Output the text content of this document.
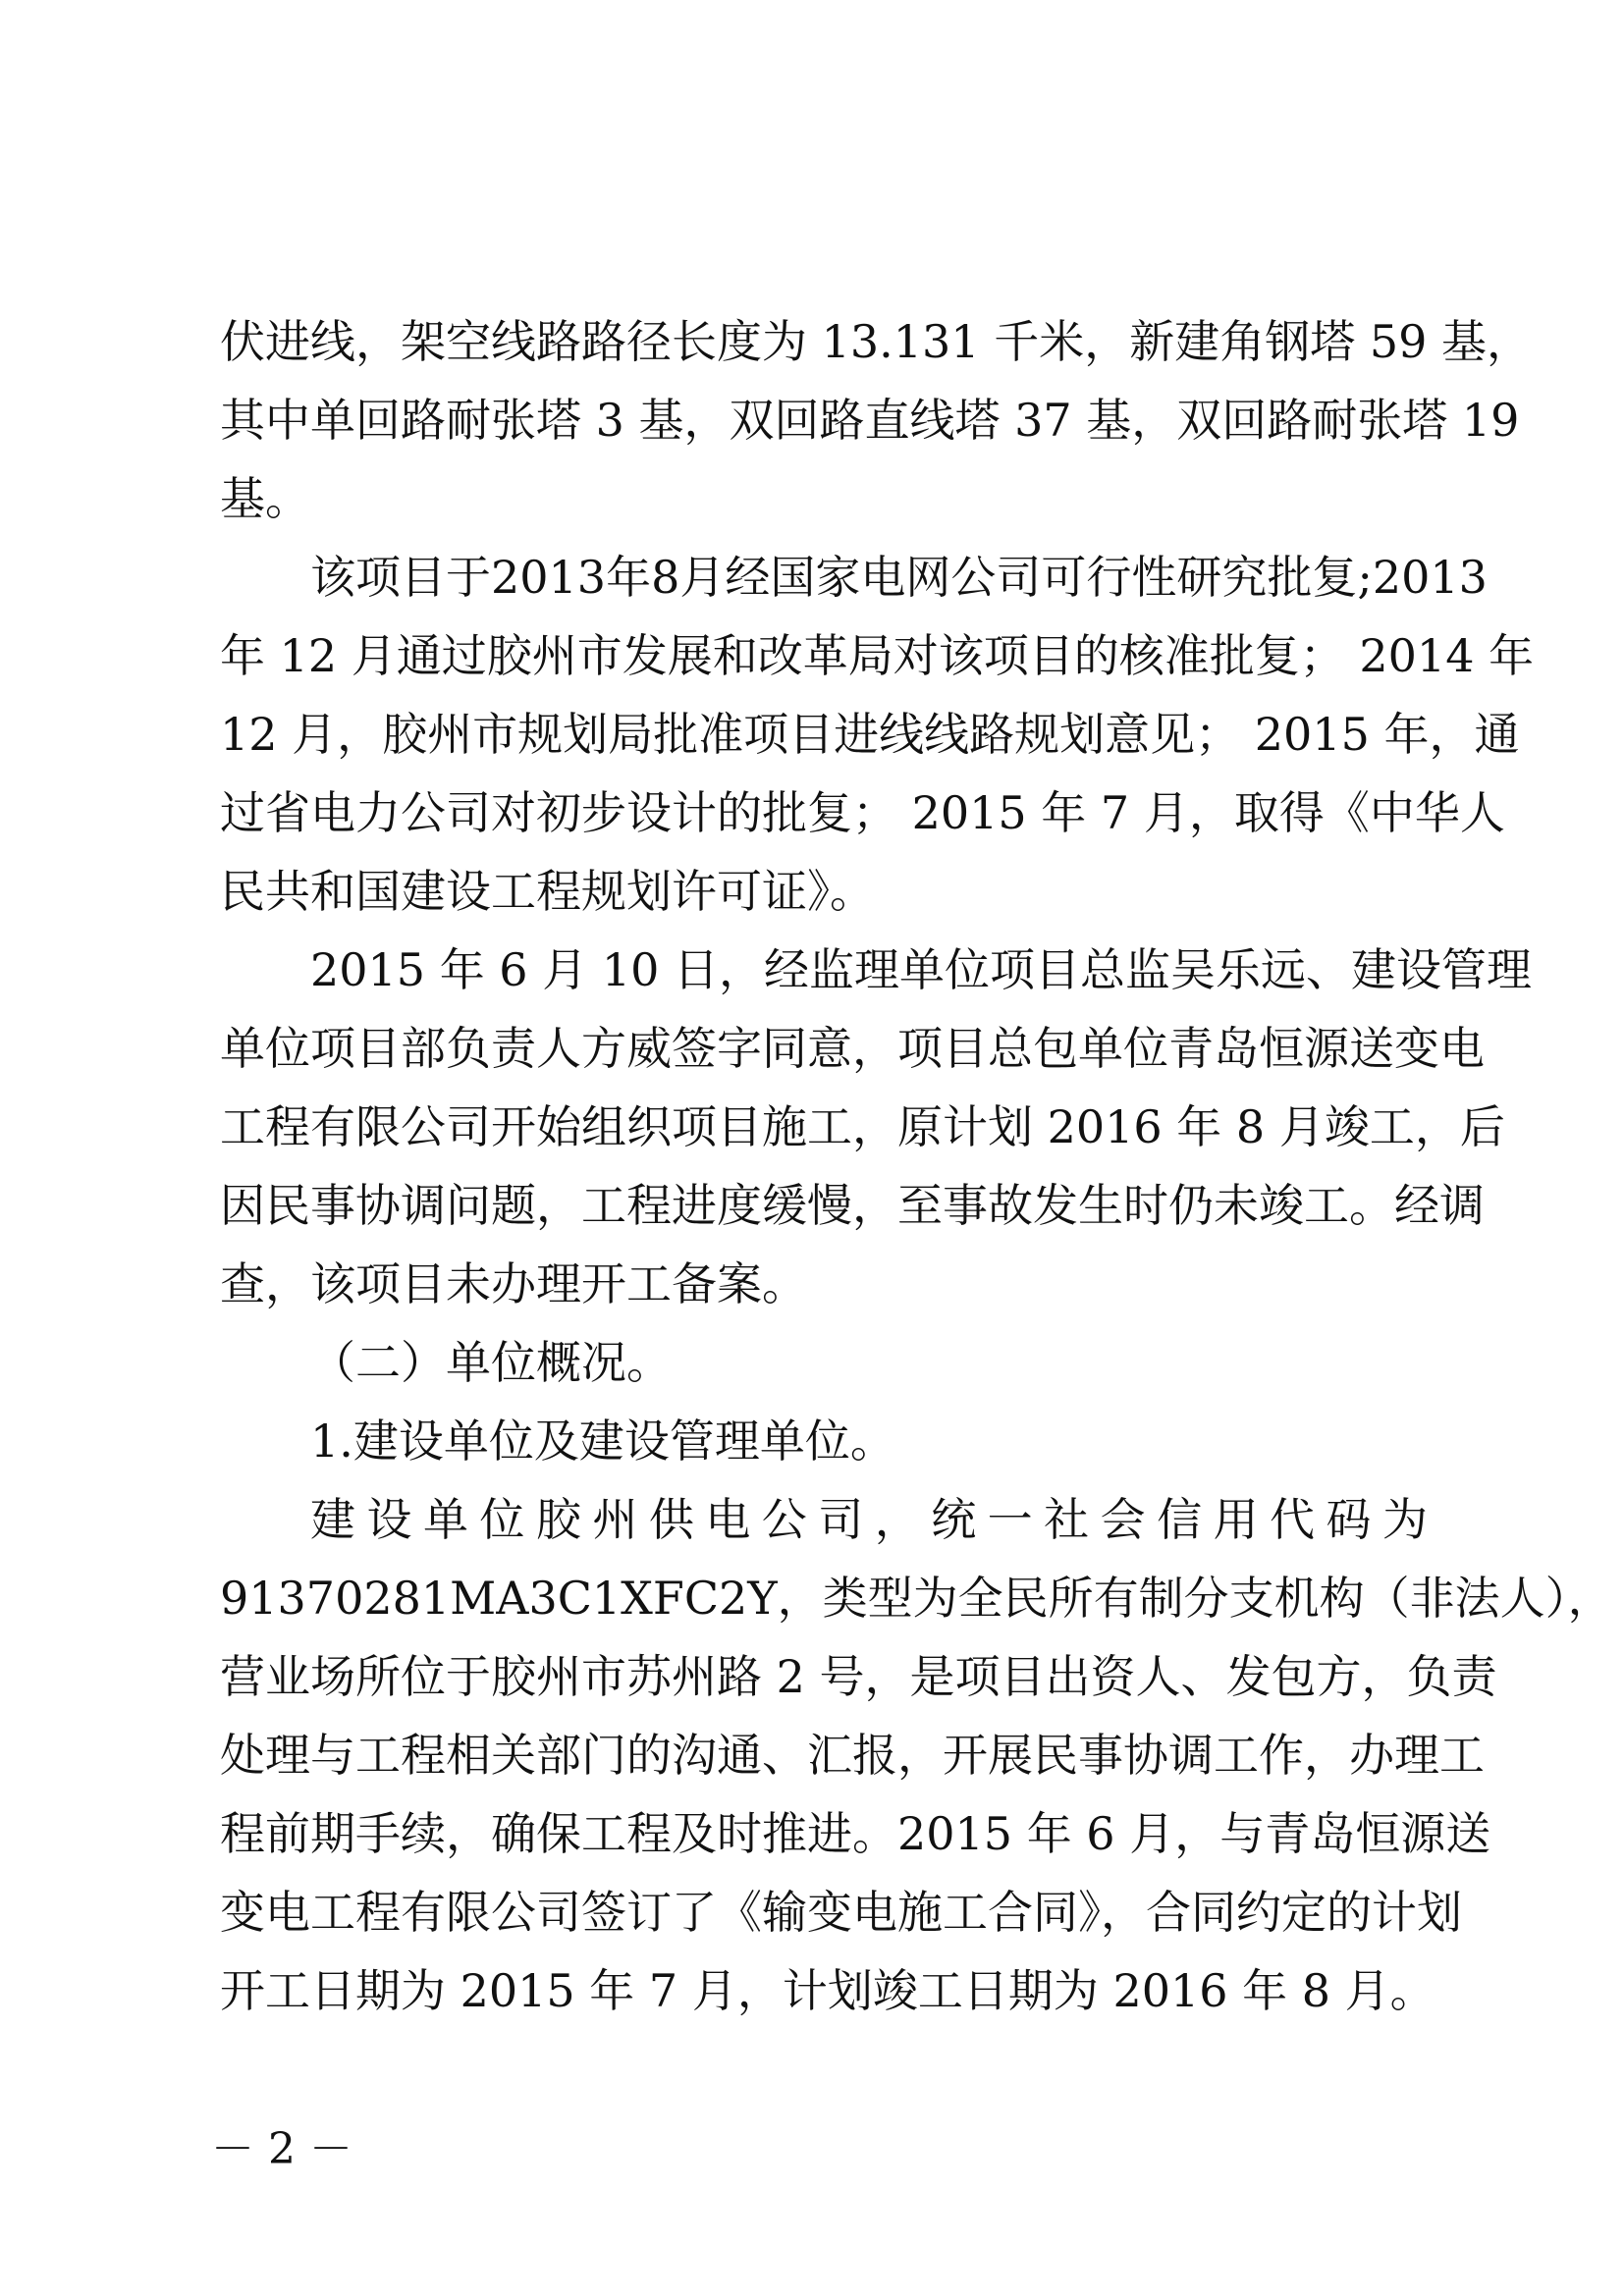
伏进线，架空线路路径长度为 13.131 千米，新建角钢塔 59 基，
其中单回路耐张塔 3 基，双回路直线塔 37 基，双回路耐张塔 19
基。
该项目于2013年8月经国家电网公司可行性研究批复;2013
年 12 月通过胶州市发展和改革局对该项目的核准批复； 2014 年
12 月，胶州市规划局批准项目进线线路规划意见； 2015 年，通
过省电力公司对初步设计的批复； 2015 年 7 月，取得《中华人
民共和国建设工程规划许可证》。
2015 年 6 月 10 日，经监理单位项目总监吴乐远、建设管理
单位项目部负责人方威签字同意，项目总包单位青岛恒源送变电
工程有限公司开始组织项目施工，原计划 2016 年 8 月竣工，后
因民事协调问题，工程进度缓慢，至事故发生时仍未竣工。经调
查，该项目未办理开工备案。
（二）单位概况。
1.建设单位及建设管理单位。
建设单位胶州供电公司，统一社会信用代码为
91370281MA3C1XFC2Y，类型为全民所有制分支机构（非法人），
营业场所位于胶州市苏州路 2 号，是项目出资人、发包方，负责
处理与工程相关部门的沟通、汇报，开展民事协调工作，办理工
程前期手续，确保工程及时推进。2015 年 6 月，与青岛恒源送
变电工程有限公司签订了《输变电施工合同》，合同约定的计划
开工日期为 2015 年 7 月，计划竣工日期为 2016 年 8 月。
－ 2 －
